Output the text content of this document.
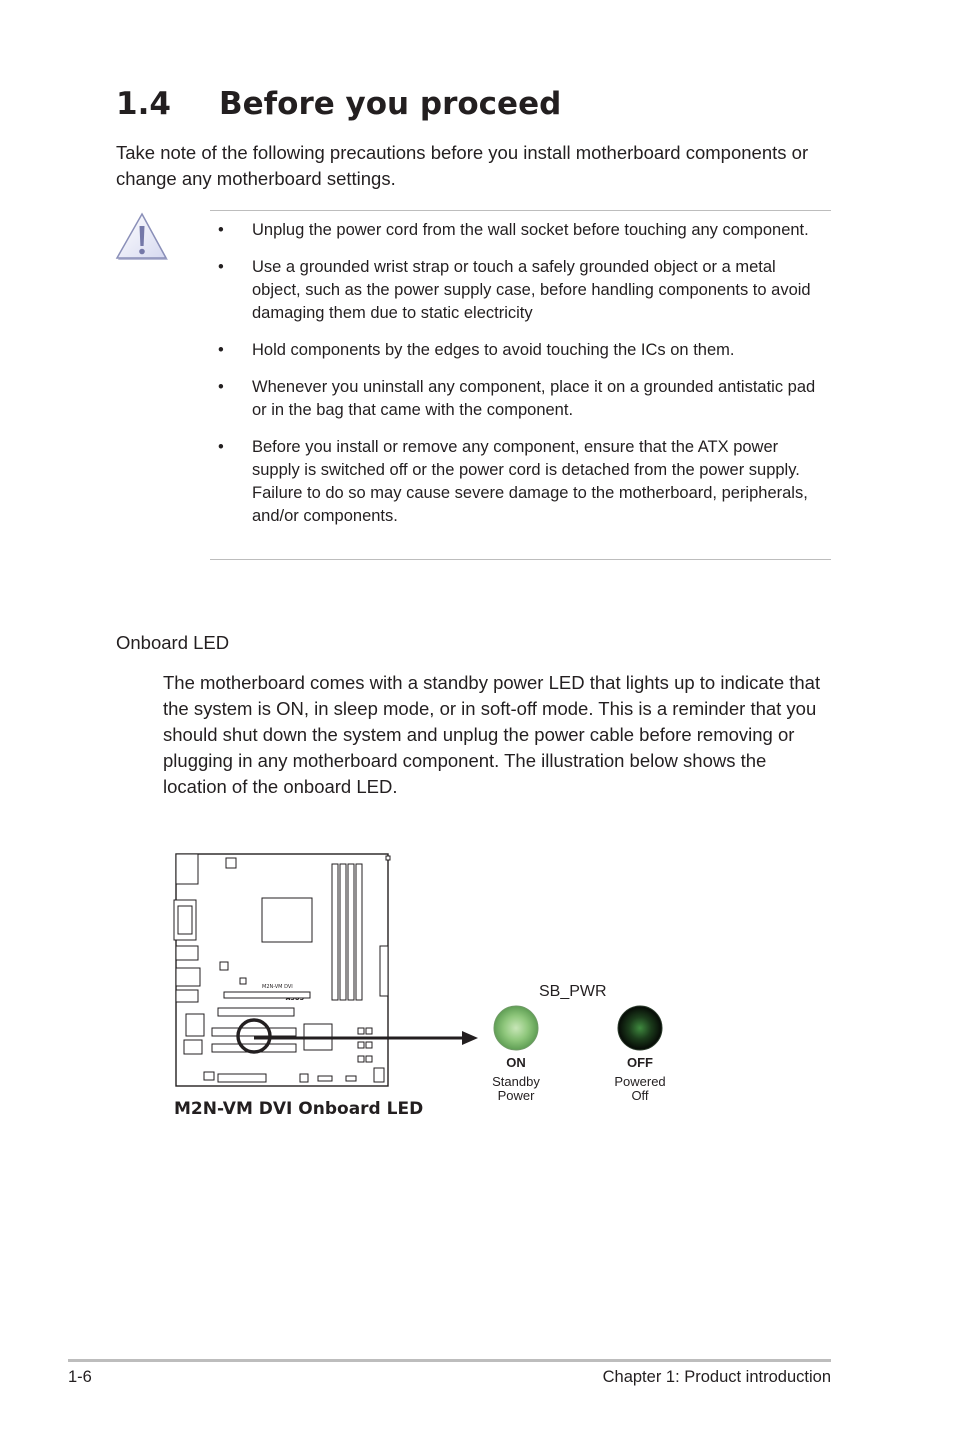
1.4 Before you proceed
Take note of the following precautions before you install motherboard components or change any motherboard settings.
• Unplug the power cord from the wall socket before touching any component.
• Use a grounded wrist strap or touch a safely grounded object or a metal object, such as the power supply case, before handling components to avoid damaging them due to static electricity
• Hold components by the edges to avoid touching the ICs on them.
• Whenever you uninstall any component, place it on a grounded antistatic pad or in the bag that came with the component.
• Before you install or remove any component, ensure that the ATX power supply is switched off or the power cord is detached from the power supply. Failure to do so may cause severe damage to the motherboard, peripherals, and/or components.
Onboard LED
The motherboard comes with a standby power LED that lights up to indicate that the system is ON, in sleep mode, or in soft-off mode. This is a reminder that you should shut down the system and unplug the power cable before removing or plugging in any motherboard component. The illustration below shows the location of the onboard LED.
M2N-VM DVI	SB_PWR
ON
Standby
Power
OFF
Powered
Off
M2N-VM DVI Onboard LED
1-6	Chapter 1: Product introduction
